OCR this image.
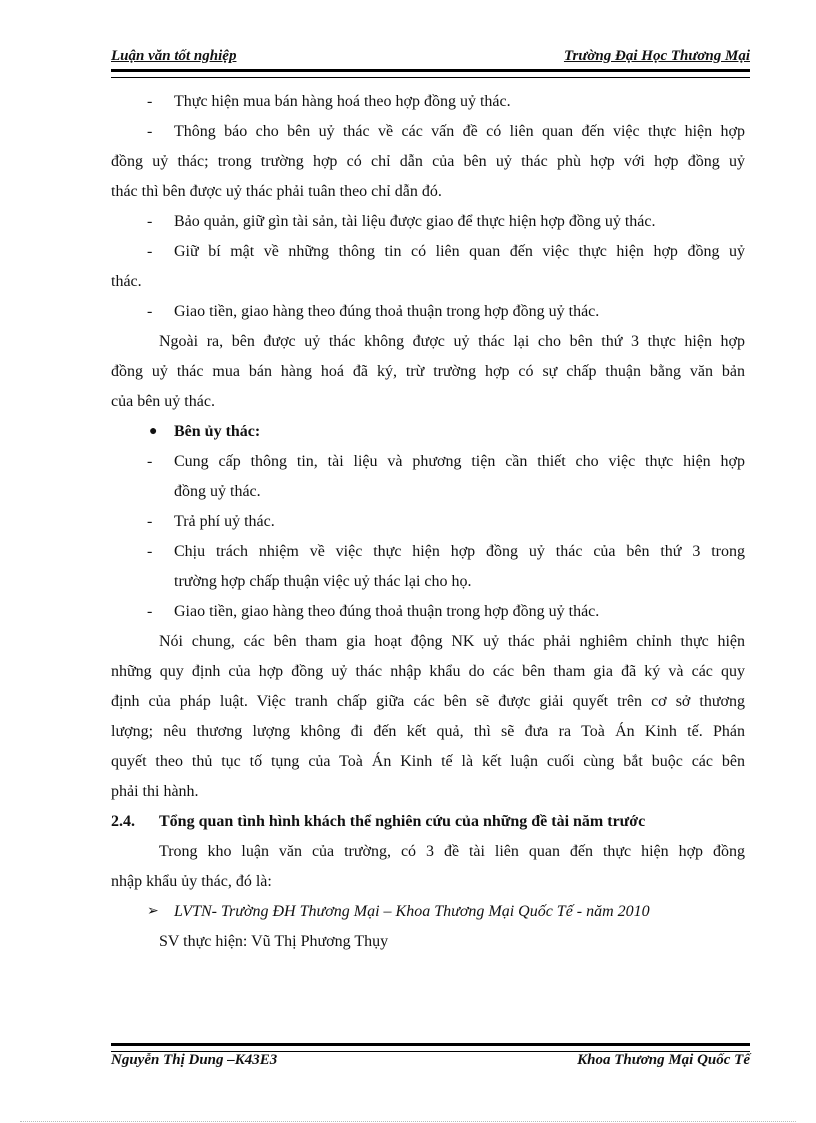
Luận văn tốt nghiệp	Trường Đại Học Thương Mại
- Thực hiện mua bán hàng hoá theo hợp đồng uỷ thác.
- Thông báo cho bên uỷ thác về các vấn đề có liên quan đến việc thực hiện hợp
đồng uỷ thác; trong trường hợp có chỉ dẫn của bên uỷ thác phù hợp với hợp đồng uỷ
thác thì bên được uỷ thác phải tuân theo chỉ dẫn đó.
- Bảo quản, giữ gìn tài sản, tài liệu được giao để thực hiện hợp đồng uỷ thác.
- Giữ bí mật về những thông tin có liên quan đến việc thực hiện hợp đồng uỷ
thác.
- Giao tiền, giao hàng theo đúng thoả thuận trong hợp đồng uỷ thác.
Ngoài ra, bên được uỷ thác không được uỷ thác lại cho bên thứ 3 thực hiện hợp
đồng uỷ thác mua bán hàng hoá đã ký, trừ trường hợp có sự chấp thuận bằng văn bản
của bên uỷ thác.
● Bên ủy thác:
- Cung cấp thông tin, tài liệu và phương tiện cần thiết cho việc thực hiện hợp
đồng uỷ thác.
- Trả phí uỷ thác.
- Chịu trách nhiệm về việc thực hiện hợp đồng uỷ thác của bên thứ 3 trong
trường hợp chấp thuận việc uỷ thác lại cho họ.
- Giao tiền, giao hàng theo đúng thoả thuận trong hợp đồng uỷ thác.
Nói chung, các bên tham gia hoạt động NK uỷ thác phải nghiêm chỉnh thực hiện
những quy định của hợp đồng uỷ thác nhập khẩu do các bên tham gia đã ký và các quy
định của pháp luật. Việc tranh chấp giữa các bên sẽ được giải quyết trên cơ sở thương
lượng; nêu thương lượng không đi đến kết quả, thì sẽ đưa ra Toà Án Kinh tế. Phán
quyết theo thủ tục tố tụng của Toà Án Kinh tế là kết luận cuối cùng bắt buộc các bên
phải thi hành.
2.4. Tổng quan tình hình khách thể nghiên cứu của những đề tài năm trước
Trong kho luận văn của trường, có 3 đề tài liên quan đến thực hiện hợp đồng
nhập khẩu ủy thác, đó là:
➢ LVTN- Trường ĐH Thương Mại – Khoa Thương Mại Quốc Tế - năm 2010
SV thực hiện: Vũ Thị Phương Thụy
Nguyễn Thị Dung –K43E3	Khoa Thương Mại Quốc Tế
